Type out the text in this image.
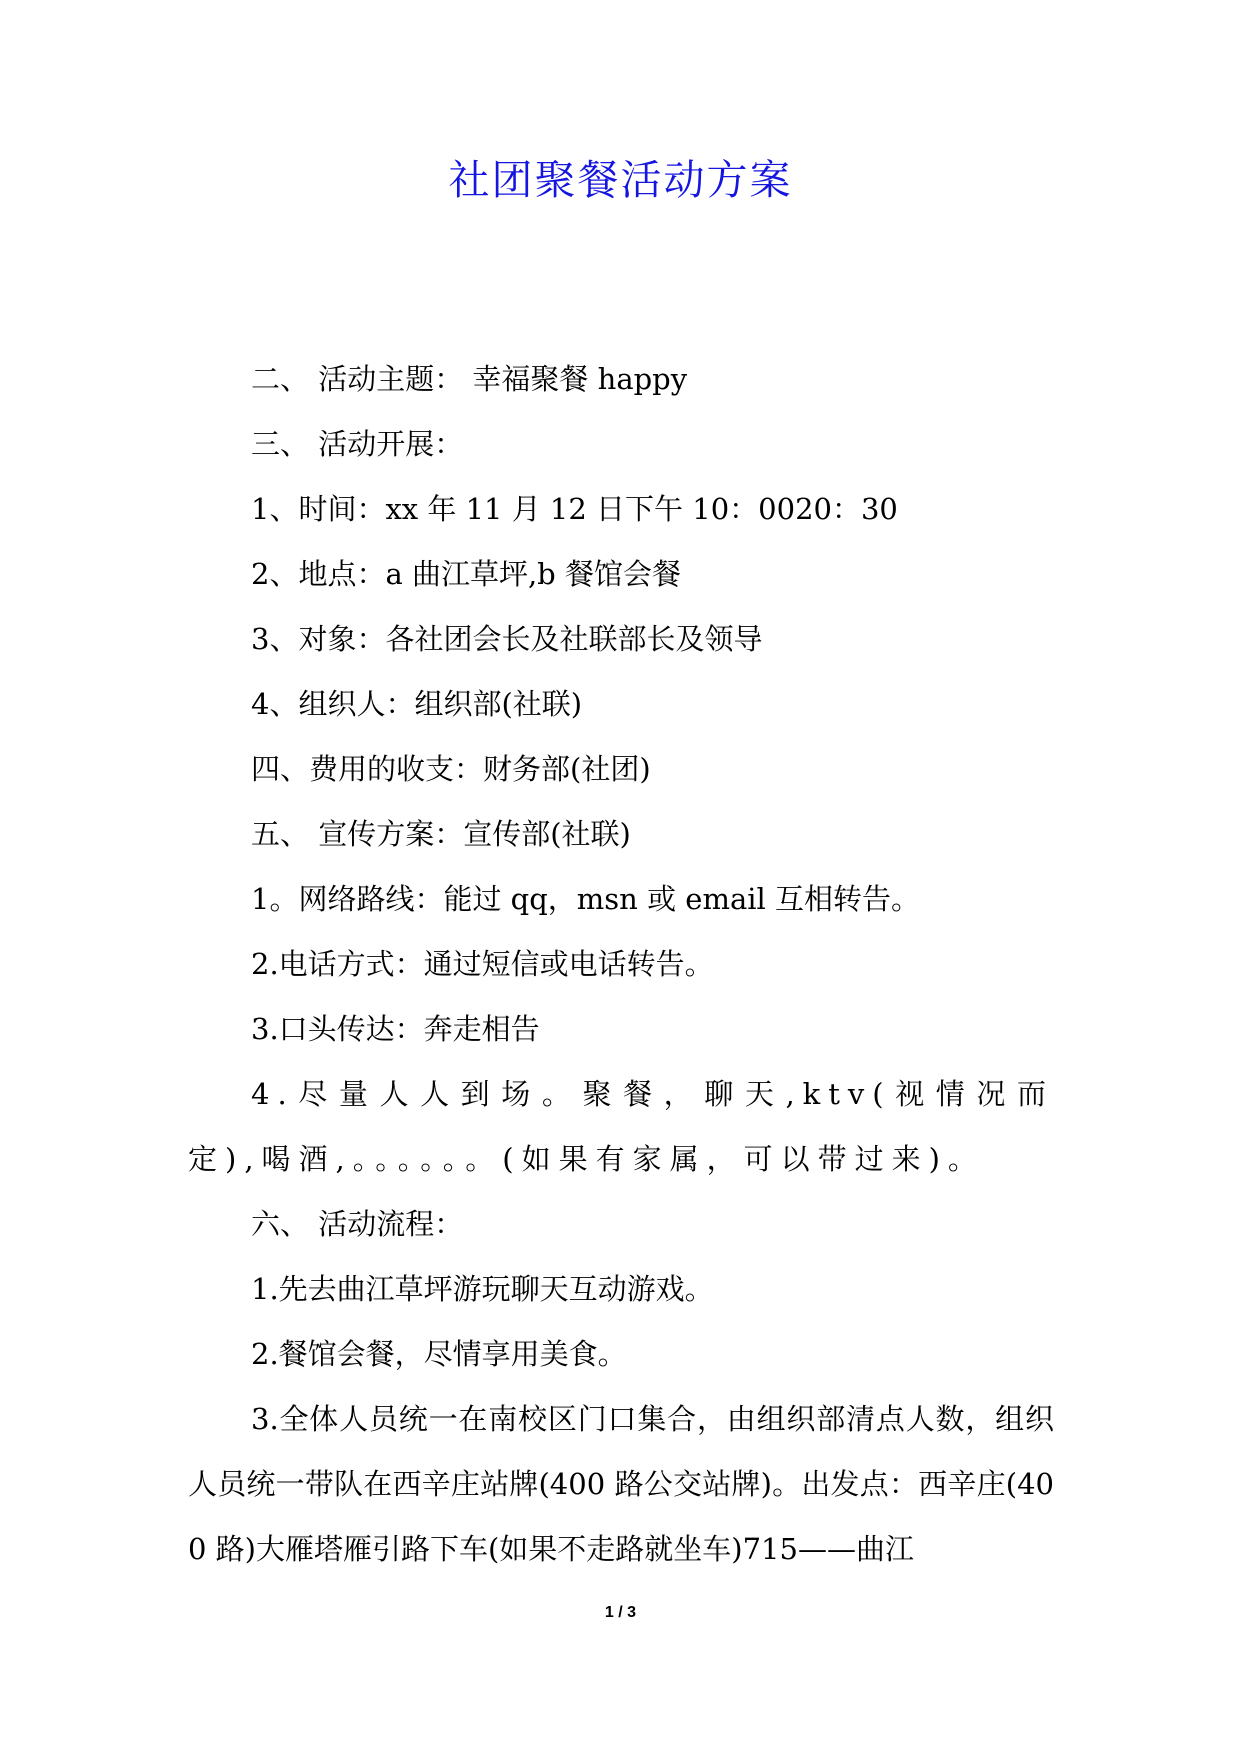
社团聚餐活动方案

二、 活动主题： 幸福聚餐 happy

三、 活动开展：

1、时间：xx 年 11 月 12 日下午 10：0020：30

2、地点：a 曲江草坪,b 餐馆会餐

3、对象：各社团会长及社联部长及领导

4、组织人：组织部(社联)

四、费用的收支：财务部(社团)

五、 宣传方案：宣传部(社联)

1。网络路线：能过 qq，msn 或 email 互相转告。

2.电话方式：通过短信或电话转告。

3.口头传达：奔走相告

4.尽量人人到场。聚餐，聊天,ktv(视情况而定),喝酒,。。。。。。(如果有家属，可以带过来)。

六、 活动流程：

1.先去曲江草坪游玩聊天互动游戏。

2.餐馆会餐，尽情享用美食。

3.全体人员统一在南校区门口集合，由组织部清点人数，组织人员统一带队在西辛庄站牌(400 路公交站牌)。出发点：西辛庄(400 路)大雁塔雁引路下车(如果不走路就坐车)715——曲江

1 / 3
